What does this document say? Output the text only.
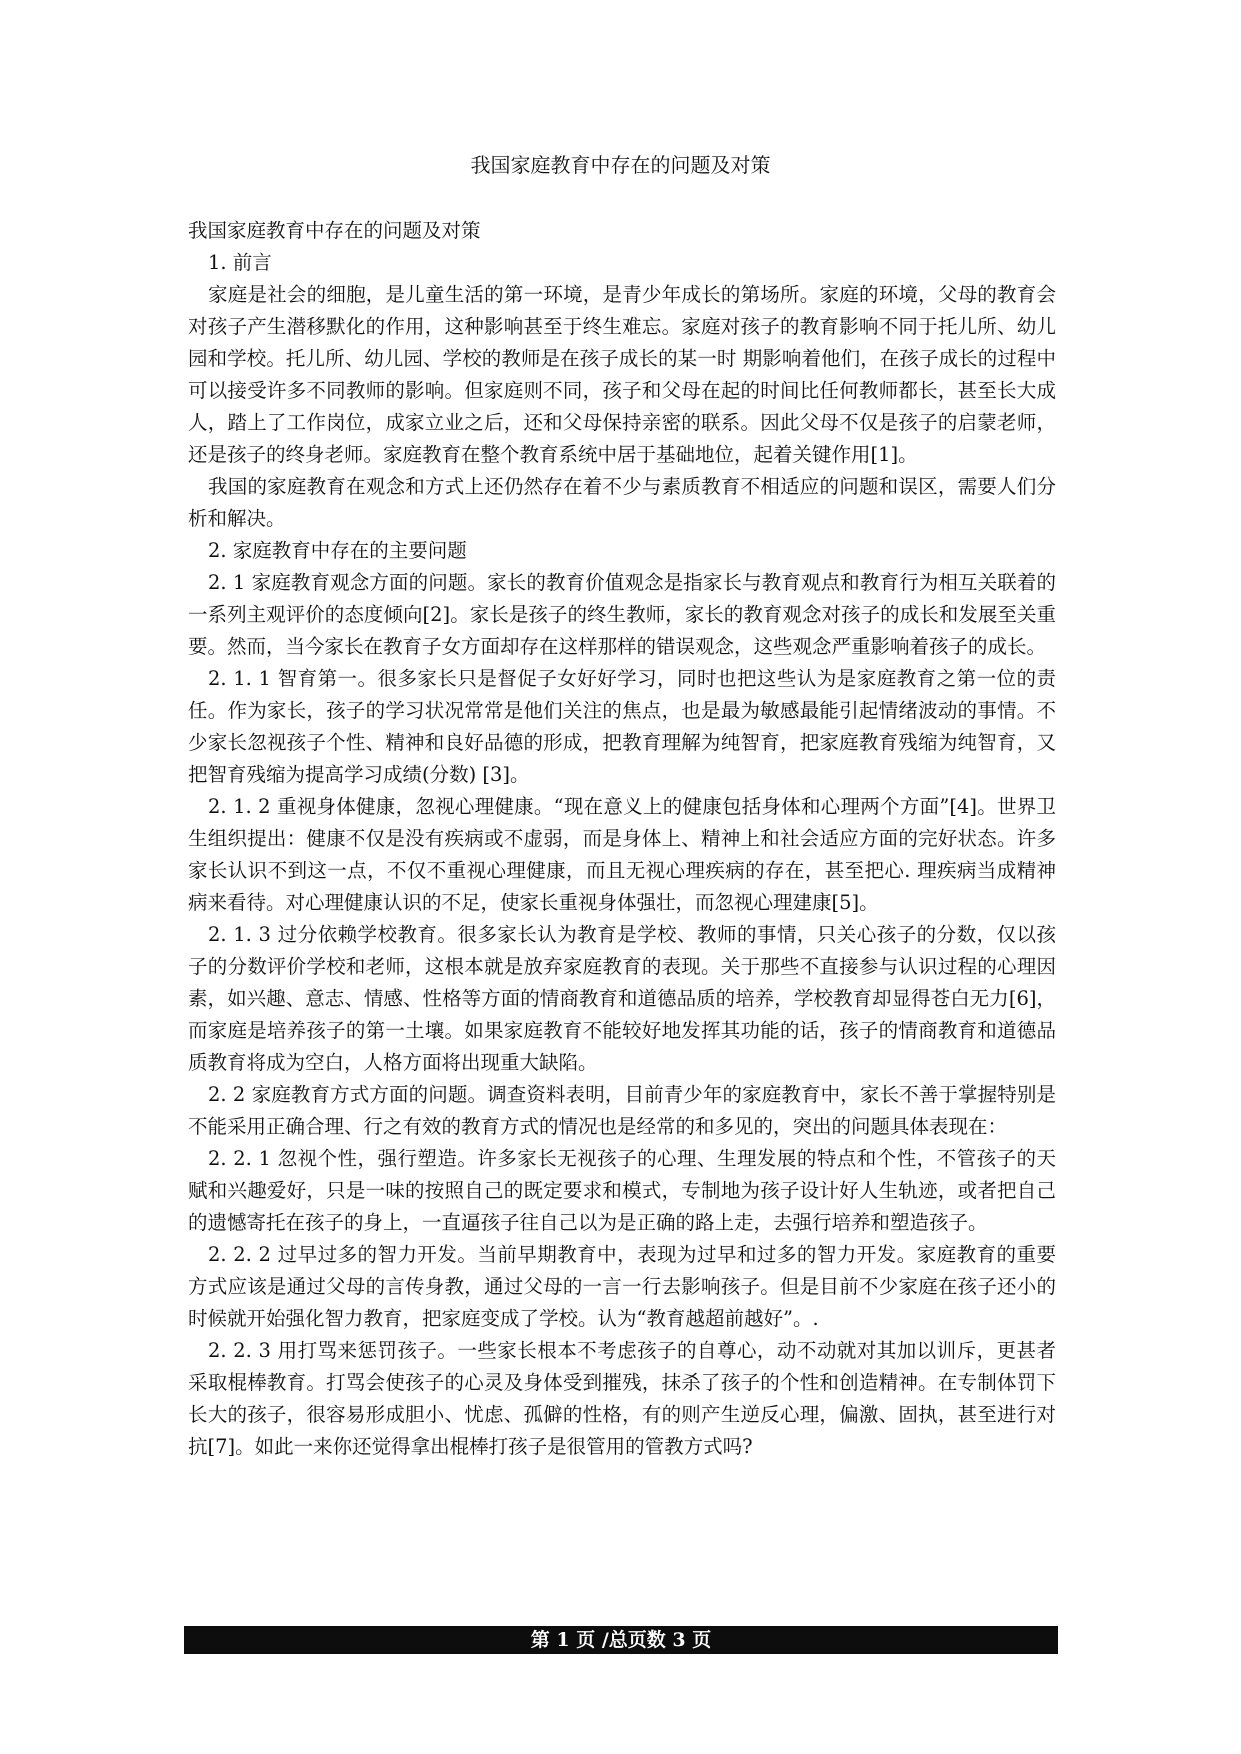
我国家庭教育中存在的问题及对策

我国家庭教育中存在的问题及对策

1. 前言

家庭是社会的细胞，是儿童生活的第一环境，是青少年成长的第场所。家庭的环境，父母的教育会对孩子产生潜移默化的作用，这种影响甚至于终生难忘。家庭对孩子的教育影响不同于托儿所、幼儿园和学校。托儿所、幼儿园、学校的教师是在孩子成长的某一时 期影响着他们，在孩子成长的过程中可以接受许多不同教师的影响。但家庭则不同，孩子和父母在起的时间比任何教师都长，甚至长大成人，踏上了工作岗位，成家立业之后，还和父母保持亲密的联系。因此父母不仅是孩子的启蒙老师，还是孩子的终身老师。家庭教育在整个教育系统中居于基础地位，起着关键作用[1]。

我国的家庭教育在观念和方式上还仍然存在着不少与素质教育不相适应的问题和误区，需要人们分析和解决。

2. 家庭教育中存在的主要问题

2. 1 家庭教育观念方面的问题。家长的教育价值观念是指家长与教育观点和教育行为相互关联着的一系列主观评价的态度倾向[2]。家长是孩子的终生教师，家长的教育观念对孩子的成长和发展至关重要。然而，当今家长在教育子女方面却存在这样那样的错误观念，这些观念严重影响着孩子的成长。

2. 1. 1 智育第一。很多家长只是督促子女好好学习，同时也把这些认为是家庭教育之第一位的责任。作为家长，孩子的学习状况常常是他们关注的焦点，也是最为敏感最能引起情绪波动的事情。不少家长忽视孩子个性、精神和良好品德的形成，把教育理解为纯智育，把家庭教育残缩为纯智育，又把智育残缩为提高学习成绩(分数) [3]。

2. 1. 2 重视身体健康，忽视心理健康。“现在意义上的健康包括身体和心理两个方面”[4]。世界卫生组织提出：健康不仅是没有疾病或不虚弱，而是身体上、精神上和社会适应方面的完好状态。许多家长认识不到这一点，不仅不重视心理健康，而且无视心理疾病的存在，甚至把心. 理疾病当成精神病来看待。对心理健康认识的不足，使家长重视身体强壮，而忽视心理建康[5]。

2. 1. 3 过分依赖学校教育。很多家长认为教育是学校、教师的事情，只关心孩子的分数，仅以孩子的分数评价学校和老师，这根本就是放弃家庭教育的表现。关于那些不直接参与认识过程的心理因素，如兴趣、意志、情感、性格等方面的情商教育和道德品质的培养，学校教育却显得苍白无力[6]，而家庭是培养孩子的第一土壤。如果家庭教育不能较好地发挥其功能的话，孩子的情商教育和道德品质教育将成为空白，人格方面将出现重大缺陷。

2. 2 家庭教育方式方面的问题。调查资料表明，目前青少年的家庭教育中，家长不善于掌握特别是不能采用正确合理、行之有效的教育方式的情况也是经常的和多见的，突出的问题具体表现在：

2. 2. 1 忽视个性，强行塑造。许多家长无视孩子的心理、生理发展的特点和个性，不管孩子的天赋和兴趣爱好，只是一味的按照自己的既定要求和模式，专制地为孩子设计好人生轨迹，或者把自己的遗憾寄托在孩子的身上，一直逼孩子往自己以为是正确的路上走，去强行培养和塑造孩子。

2. 2. 2 过早过多的智力开发。当前早期教育中，表现为过早和过多的智力开发。家庭教育的重要方式应该是通过父母的言传身教，通过父母的一言一行去影响孩子。但是目前不少家庭在孩子还小的时候就开始强化智力教育，把家庭变成了学校。认为“教育越超前越好”。.

2. 2. 3 用打骂来惩罚孩子。一些家长根本不考虑孩子的自尊心，动不动就对其加以训斥，更甚者采取棍棒教育。打骂会使孩子的心灵及身体受到摧残，抹杀了孩子的个性和创造精神。在专制体罚下长大的孩子，很容易形成胆小、忧虑、孤僻的性格，有的则产生逆反心理，偏激、固执，甚至进行对抗[7]。如此一来你还觉得拿出棍棒打孩子是很管用的管教方式吗?

第 1 页 /总页数 3 页
